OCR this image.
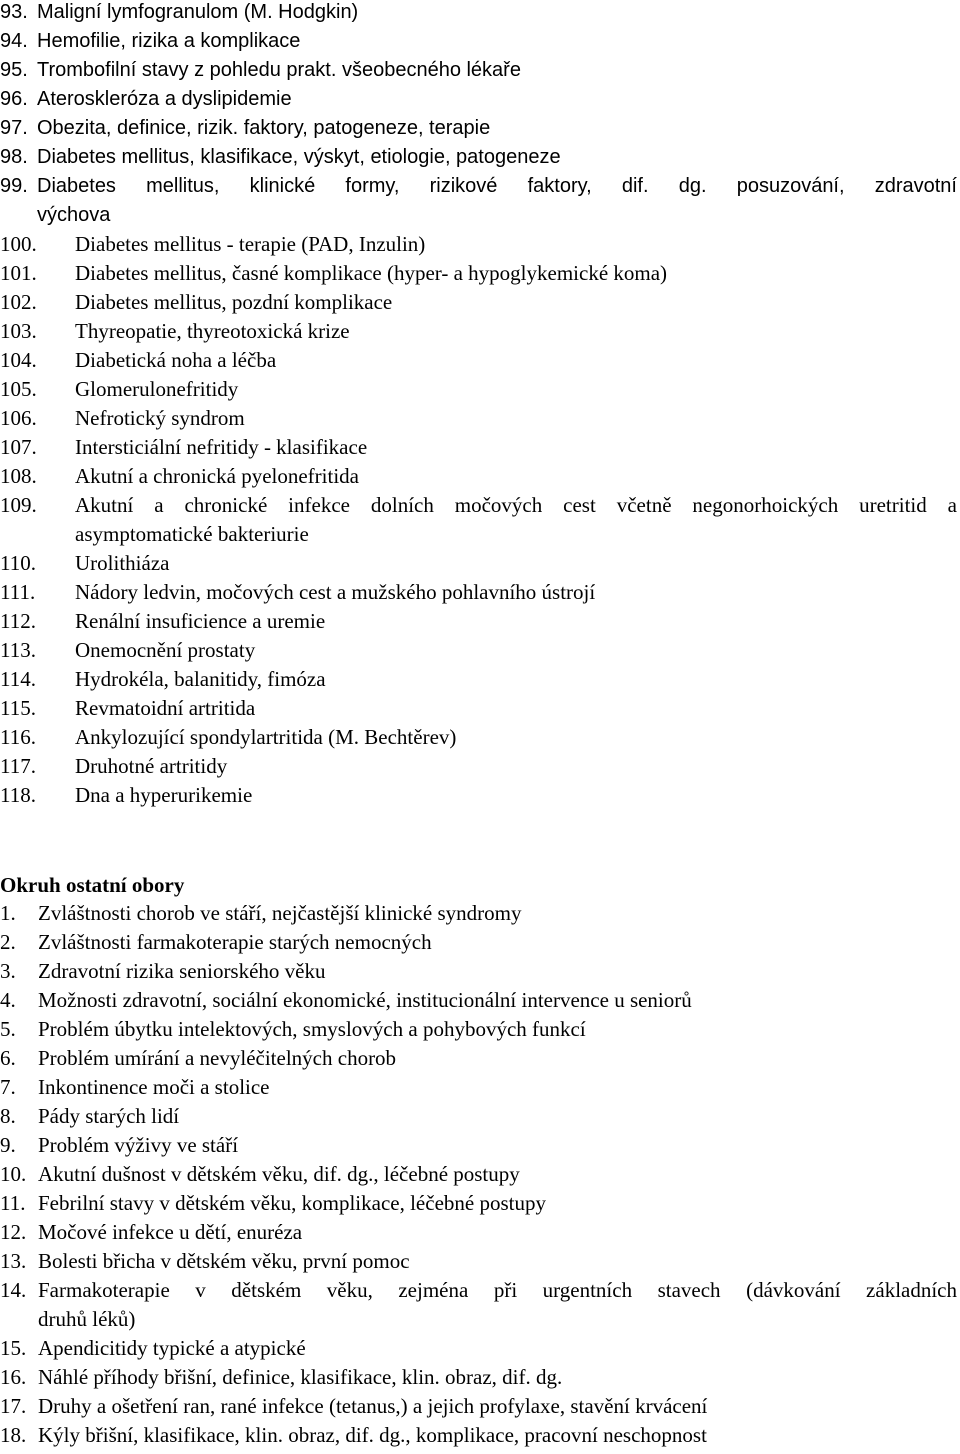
93. Maligní lymfogranulom (M. Hodgkin)
94. Hemofilie, rizika a komplikace
95. Trombofilní stavy z pohledu prakt. všeobecného lékaře
96. Ateroskleróza a dyslipidemie
97. Obezita, definice, rizik. faktory, patogeneze, terapie
98. Diabetes mellitus, klasifikace, výskyt, etiologie, patogeneze
99. Diabetes mellitus, klinické formy, rizikové faktory, dif. dg. posuzování, zdravotní
výchova
100. Diabetes mellitus - terapie (PAD, Inzulin)
101. Diabetes mellitus, časné komplikace (hyper- a hypoglykemické koma)
102. Diabetes mellitus, pozdní komplikace
103. Thyreopatie, thyreotoxická krize
104. Diabetická noha a léčba
105. Glomerulonefritidy
106. Nefrotický syndrom
107. Intersticiální nefritidy - klasifikace
108. Akutní a chronická pyelonefritida
109. Akutní a chronické infekce dolních močových cest včetně negonorhoických uretritid a
asymptomatické bakteriurie
110. Urolithiáza
111. Nádory ledvin, močových cest a mužského pohlavního ústrojí
112. Renální insuficience a uremie
113. Onemocnění prostaty
114. Hydrokéla, balanitidy, fimóza
115. Revmatoidní artritida
116. Ankylozující spondylartritida (M. Bechtěrev)
117. Druhotné artritidy
118. Dna a hyperurikemie
Okruh ostatní obory
1. Zvláštnosti chorob ve stáří, nejčastější klinické syndromy
2. Zvláštnosti farmakoterapie starých nemocných
3. Zdravotní rizika seniorského věku
4. Možnosti zdravotní, sociální ekonomické, institucionální intervence u seniorů
5. Problém úbytku intelektových, smyslových a pohybových funkcí
6. Problém umírání a nevyléčitelných chorob
7. Inkontinence moči a stolice
8. Pády starých lidí
9. Problém výživy ve stáří
10. Akutní dušnost v dětském věku, dif. dg., léčebné postupy
11. Febrilní stavy v dětském věku, komplikace, léčebné postupy
12. Močové infekce u dětí, enuréza
13. Bolesti břicha v dětském věku, první pomoc
14. Farmakoterapie v dětském věku, zejména při urgentních stavech (dávkování základních
druhů léků)
15. Apendicitidy typické a atypické
16. Náhlé příhody břišní, definice, klasifikace, klin. obraz, dif. dg.
17. Druhy a ošetření ran, rané infekce (tetanus,) a jejich profylaxe, stavění krvácení
18. Kýly břišní, klasifikace, klin. obraz, dif. dg., komplikace, pracovní neschopnost
